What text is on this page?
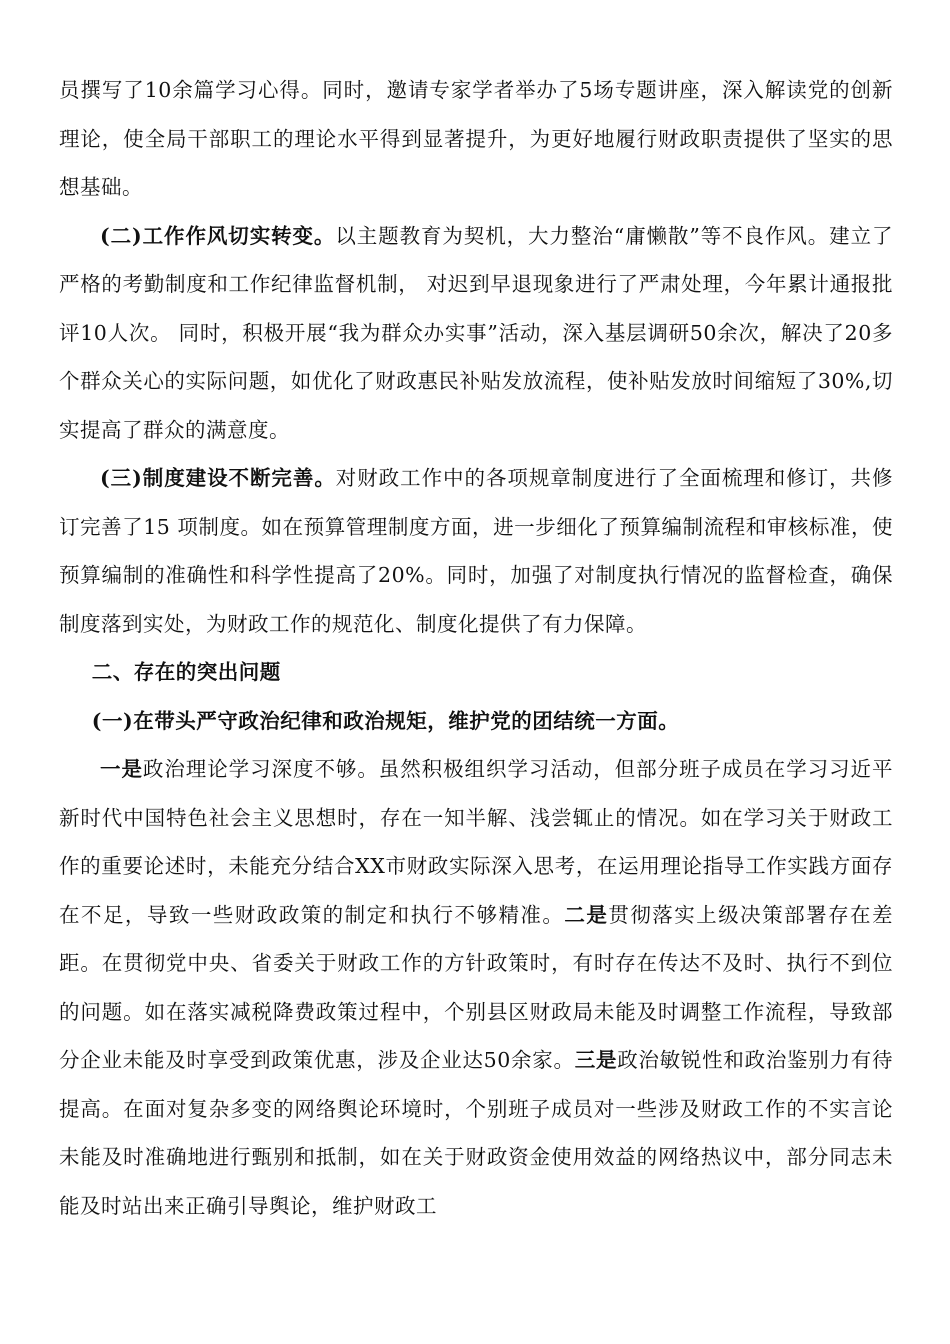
员撰写了10余篇学习心得。同时，邀请专家学者举办了5场专题讲座，深入解读党的创新理论，使全局干部职工的理论水平得到显著提升，为更好地履行财政职责提供了坚实的思想基础。

(二)工作作风切实转变。以主题教育为契机，大力整治“庸懒散”等不良作风。建立了严格的考勤制度和工作纪律监督机制， 对迟到早退现象进行了严肃处理，今年累计通报批评10人次。 同时，积极开展“我为群众办实事”活动，深入基层调研50余次，解决了20多个群众关心的实际问题，如优化了财政惠民补贴发放流程，使补贴发放时间缩短了30%,切实提高了群众的满意度。

(三)制度建设不断完善。对财政工作中的各项规章制度进行了全面梳理和修订，共修订完善了15 项制度。如在预算管理制度方面，进一步细化了预算编制流程和审核标准，使预算编制的准确性和科学性提高了20%。同时，加强了对制度执行情况的监督检查，确保制度落到实处，为财政工作的规范化、制度化提供了有力保障。

二、存在的突出问题

(一)在带头严守政治纪律和政治规矩，维护党的团结统一方面。

一是政治理论学习深度不够。虽然积极组织学习活动，但部分班子成员在学习习近平新时代中国特色社会主义思想时，存在一知半解、浅尝辄止的情况。如在学习关于财政工作的重要论述时，未能充分结合XX市财政实际深入思考，在运用理论指导工作实践方面存在不足，导致一些财政政策的制定和执行不够精准。二是贯彻落实上级决策部署存在差距。在贯彻党中央、省委关于财政工作的方针政策时，有时存在传达不及时、执行不到位的问题。如在落实减税降费政策过程中，个别县区财政局未能及时调整工作流程，导致部分企业未能及时享受到政策优惠，涉及企业达50余家。三是政治敏锐性和政治鉴别力有待提高。在面对复杂多变的网络舆论环境时，个别班子成员对一些涉及财政工作的不实言论未能及时准确地进行甄别和抵制，如在关于财政资金使用效益的网络热议中，部分同志未能及时站出来正确引导舆论，维护财政工
